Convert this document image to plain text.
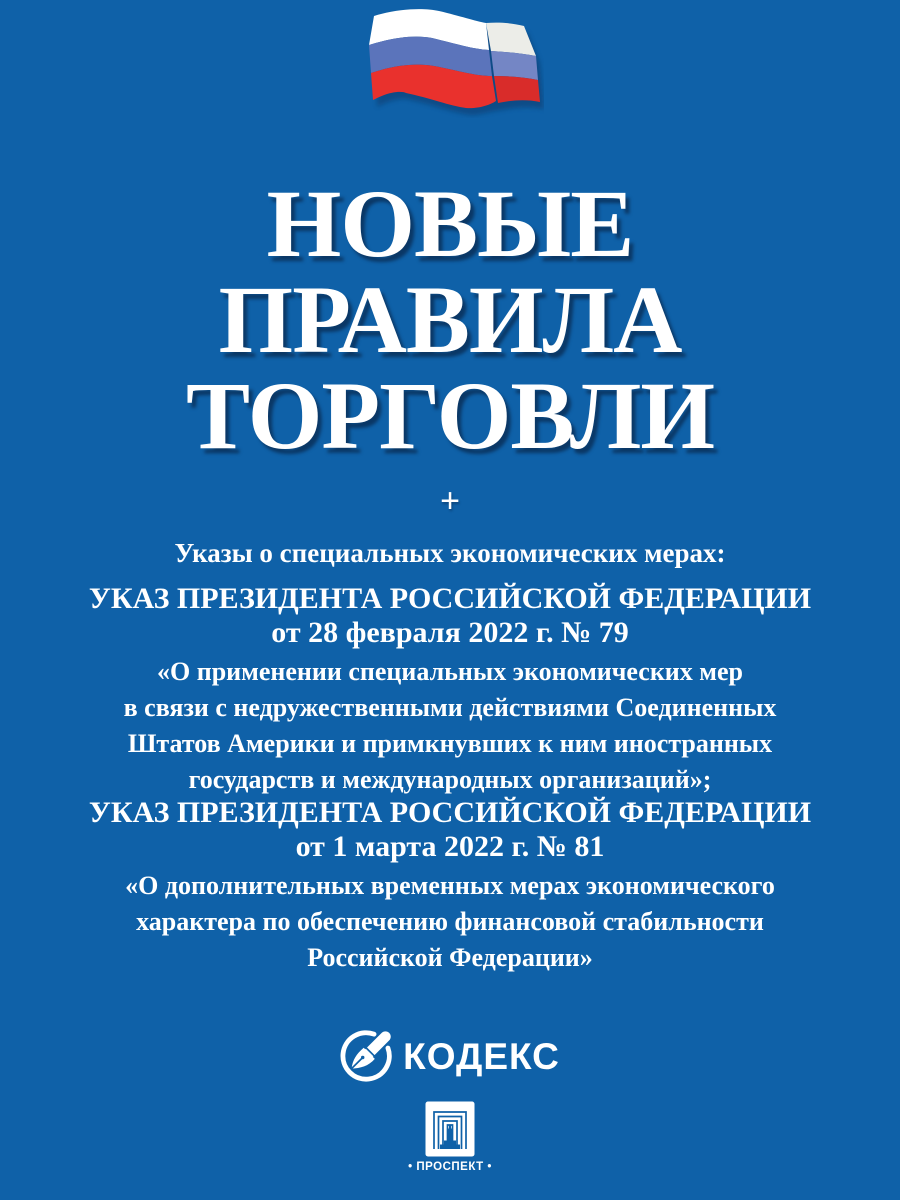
НОВЫЕ
ПРАВИЛА
ТОРГОВЛИ
+
Указы о специальных экономических мерах:
УКАЗ ПРЕЗИДЕНТА РОССИЙСКОЙ ФЕДЕРАЦИИ
от 28 февраля 2022 г. № 79
«О применении специальных экономических мер
в связи с недружественными действиями Соединенных
Штатов Америки и примкнувших к ним иностранных
государств и международных организаций»;
УКАЗ ПРЕЗИДЕНТА РОССИЙСКОЙ ФЕДЕРАЦИИ
от 1 марта 2022 г. № 81
«О дополнительных временных мерах экономического
характера по обеспечению финансовой стабильности
Российской Федерации»
КОДЕКС
• ПРОСПЕКТ •
